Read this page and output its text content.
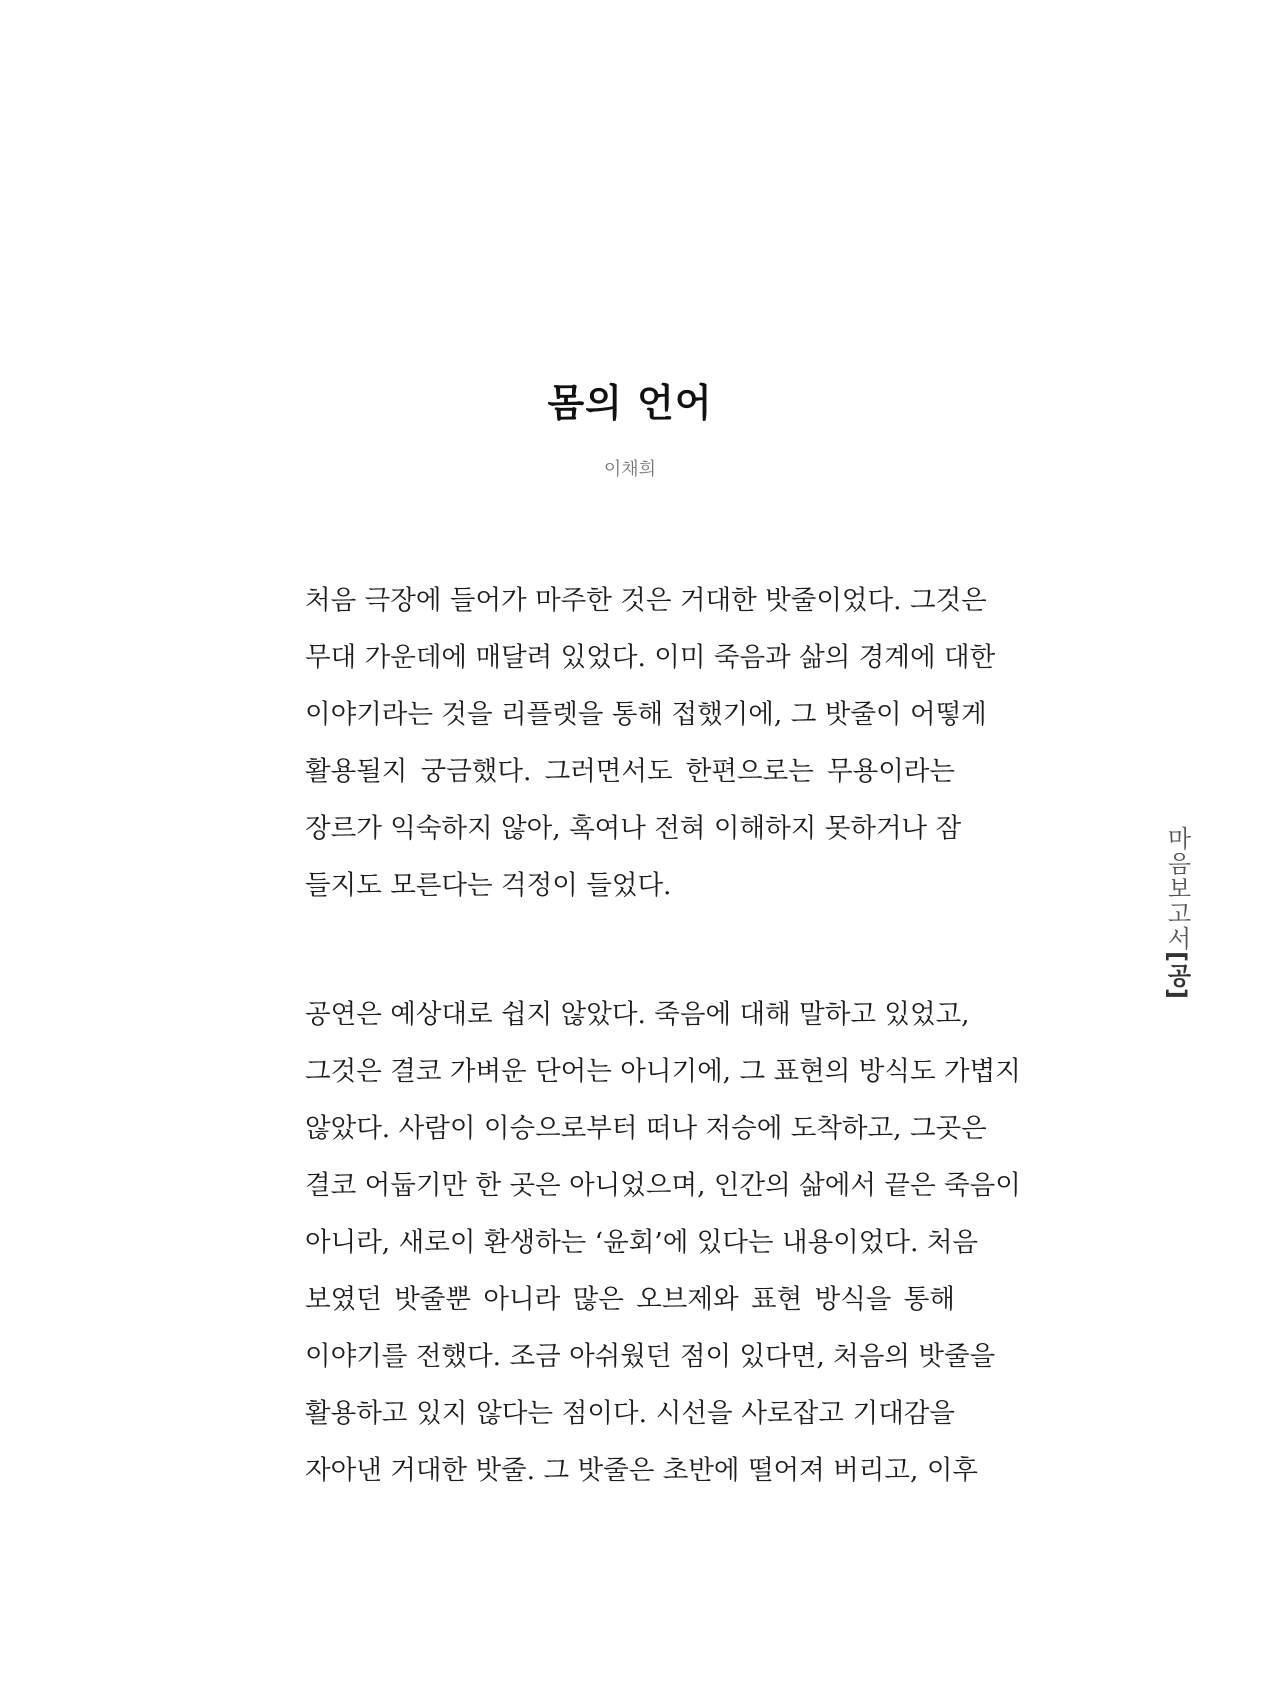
몸의 언어
이채희

처음 극장에 들어가 마주한 것은 거대한 밧줄이었다. 그것은
무대 가운데에 매달려 있었다. 이미 죽음과 삶의 경계에 대한
이야기라는 것을 리플렛을 통해 접했기에, 그 밧줄이 어떻게
활용될지 궁금했다. 그러면서도 한편으로는 무용이라는
장르가 익숙하지 않아, 혹여나 전혀 이해하지 못하거나 잠
들지도 모른다는 걱정이 들었다.

공연은 예상대로 쉽지 않았다. 죽음에 대해 말하고 있었고,
그것은 결코 가벼운 단어는 아니기에, 그 표현의 방식도 가볍지
않았다. 사람이 이승으로부터 떠나 저승에 도착하고, 그곳은
결코 어둡기만 한 곳은 아니었으며, 인간의 삶에서 끝은 죽음이
아니라, 새로이 환생하는 ‘윤회’에 있다는 내용이었다. 처음
보였던 밧줄뿐 아니라 많은 오브제와 표현 방식을 통해
이야기를 전했다. 조금 아쉬웠던 점이 있다면, 처음의 밧줄을
활용하고 있지 않다는 점이다. 시선을 사로잡고 기대감을
자아낸 거대한 밧줄. 그 밧줄은 초반에 떨어져 버리고, 이후

마음보고서[공]
